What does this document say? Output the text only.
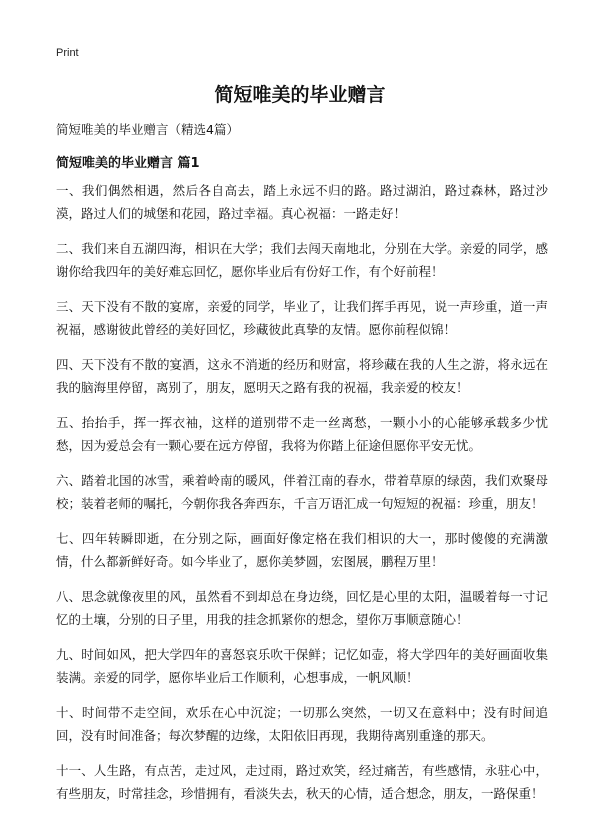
Print
简短唯美的毕业赠言
简短唯美的毕业赠言（精选4篇）
简短唯美的毕业赠言 篇1

一、我们偶然相遇，然后各自高去，踏上永远不归的路。路过湖泊，路过森林，路过沙漠，路过人们的城堡和花园，路过幸福。真心祝福：一路走好！

二、我们来自五湖四海，相识在大学；我们去闯天南地北，分别在大学。亲爱的同学，感谢你给我四年的美好难忘回忆，愿你毕业后有份好工作，有个好前程！

三、天下没有不散的宴席，亲爱的同学，毕业了，让我们挥手再见，说一声珍重，道一声祝福，感谢彼此曾经的美好回忆，珍藏彼此真挚的友情。愿你前程似锦！

四、天下没有不散的宴酒，这永不消逝的经历和财富，将珍藏在我的人生之游，将永远在我的脑海里停留，离别了，朋友，愿明天之路有我的祝福，我亲爱的校友！

五、抬抬手，挥一挥衣袖，这样的道别带不走一丝离愁，一颗小小的心能够承载多少忧愁，因为爱总会有一颗心要在远方停留，我将为你踏上征途但愿你平安无忧。

六、踏着北国的冰雪，乘着岭南的暖风，伴着江南的春水，带着草原的绿茵，我们欢聚母校；装着老师的嘱托，今朝你我各奔西东，千言万语汇成一句短短的祝福：珍重，朋友！

七、四年转瞬即逝，在分别之际，画面好像定格在我们相识的大一，那时傻傻的充满激情，什么都新鲜好奇。如今毕业了，愿你美梦圆，宏图展，鹏程万里！

八、思念就像夜里的风，虽然看不到却总在身边绕，回忆是心里的太阳，温暖着每一寸记忆的土壤，分别的日子里，用我的挂念抓紧你的想念，望你万事顺意随心！

九、时间如风，把大学四年的喜怒哀乐吹干保鲜；记忆如壶，将大学四年的美好画面收集装满。亲爱的同学，愿你毕业后工作顺利，心想事成，一帆风顺！

十、时间带不走空间，欢乐在心中沉淀；一切那么突然，一切又在意料中；没有时间追回，没有时间准备；每次梦醒的边缘，太阳依旧再现，我期待离别重逢的那天。

十一、人生路，有点苦，走过风，走过雨，路过欢笑，经过痛苦，有些感情，永驻心中，有些朋友，时常挂念，珍惜拥有，看淡失去，秋天的心情，适合想念，朋友，一路保重！
